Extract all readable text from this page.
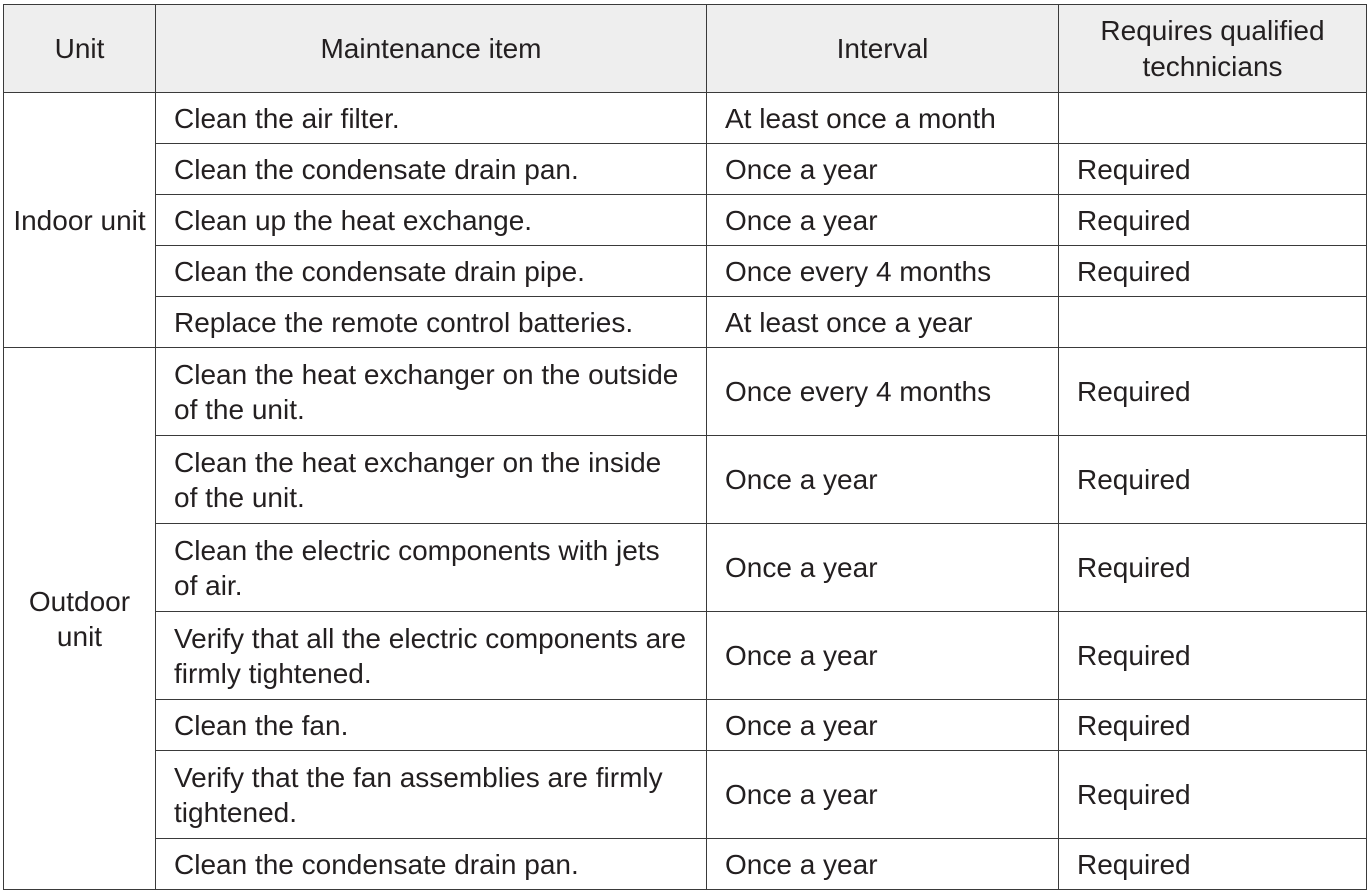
Unit	Maintenance item	Interval	Requires qualified technicians
Indoor unit	Clean the air filter.	At least once a month	
	Clean the condensate drain pan.	Once a year	Required
	Clean up the heat exchange.	Once a year	Required
	Clean the condensate drain pipe.	Once every 4 months	Required
	Replace the remote control batteries.	At least once a year	
Outdoor unit	Clean the heat exchanger on the outside of the unit.	Once every 4 months	Required
	Clean the heat exchanger on the inside of the unit.	Once a year	Required
	Clean the electric components with jets of air.	Once a year	Required
	Verify that all the electric components are firmly tightened.	Once a year	Required
	Clean the fan.	Once a year	Required
	Verify that the fan assemblies are firmly tightened.	Once a year	Required
	Clean the condensate drain pan.	Once a year	Required
